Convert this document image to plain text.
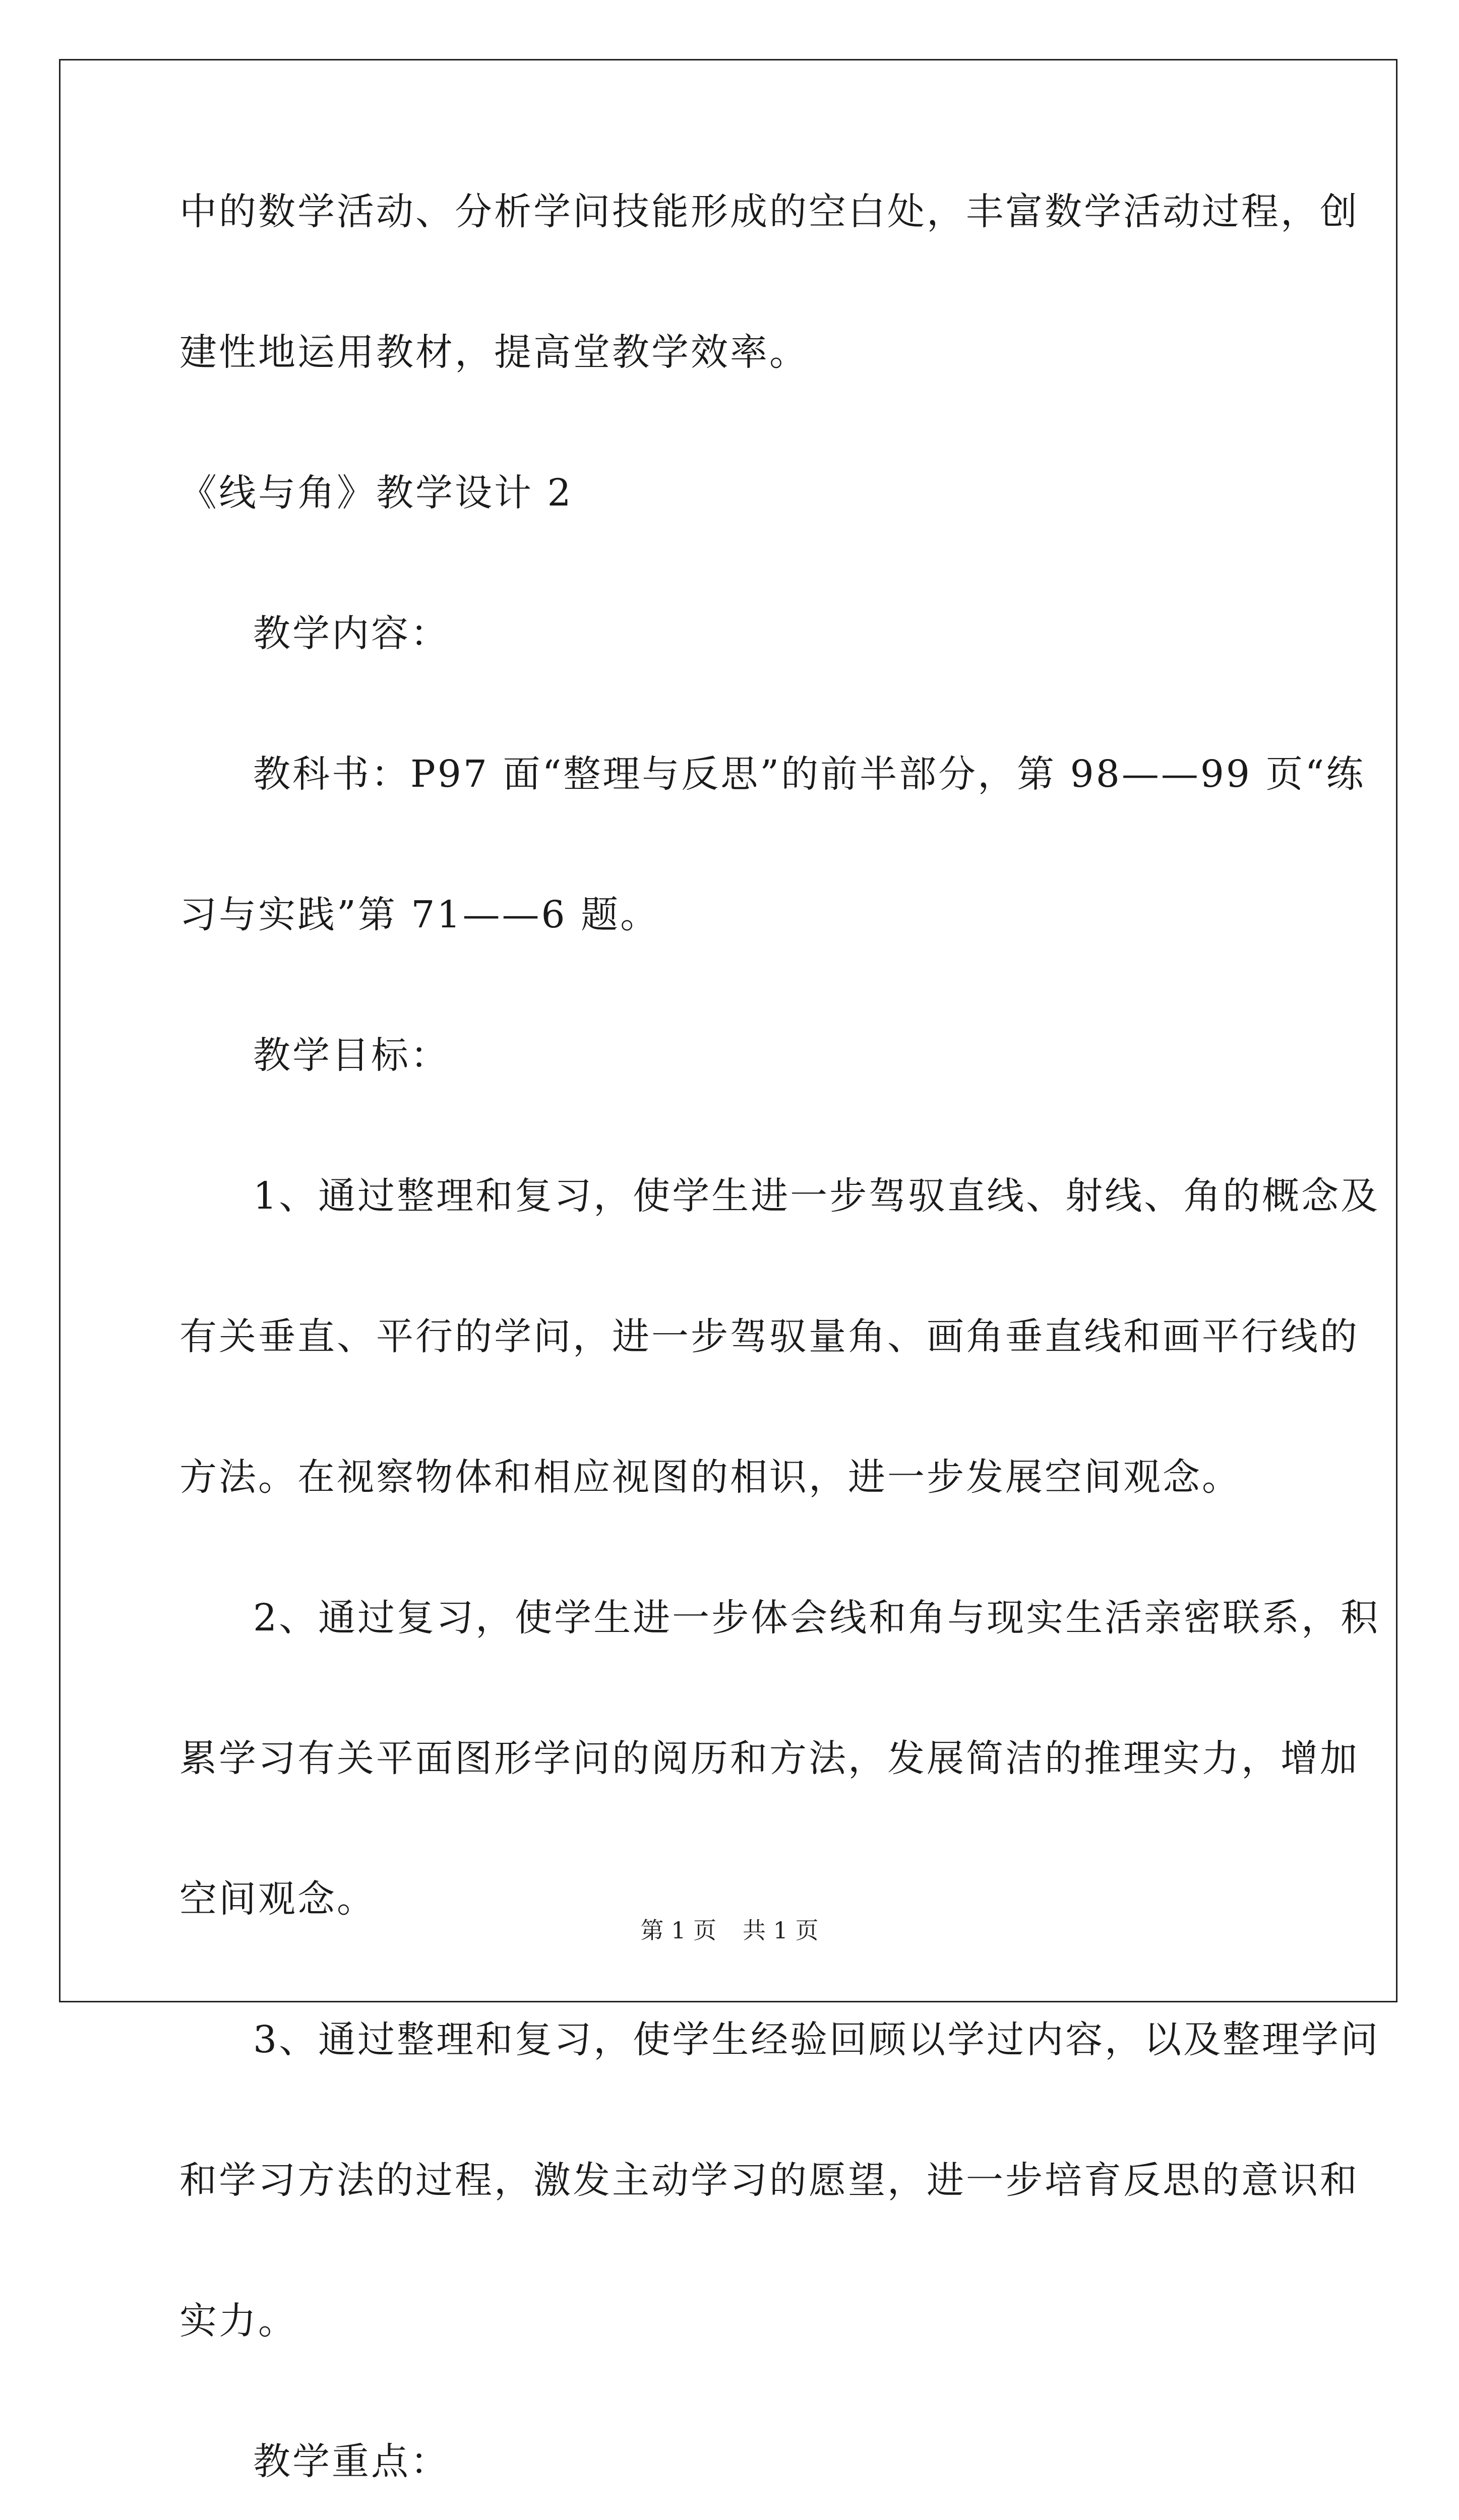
中的数学活动、分析学问技能形成的空白处，丰富数学活动过程，创
建性地运用教材，提高堂教学效率。
《线与角》教学设计 2
教学内容：
教科书：P97 面“整理与反思”的前半部分，第 98——99 页“练
习与实践”第 71——6 题。
教学目标：
1、通过整理和复习，使学生进一步驾驭直线、射线、角的概念及
有关垂直、平行的学问，进一步驾驭量角、画角垂直线和画平行线的
方法。在视察物体和相应视图的相识，进一步发展空间观念。
2、通过复习，使学生进一步体会线和角与现实生活亲密联系，积
累学习有关平面图形学问的阅历和方法，发展简洁的推理实力，增加
空间观念。
3、通过整理和复习，使学生经验回顾以学过内容，以及整理学问
和学习方法的过程，激发主动学习的愿望，进一步培育反思的意识和
实力。
教学重点：
第 1 页 共 1 页
